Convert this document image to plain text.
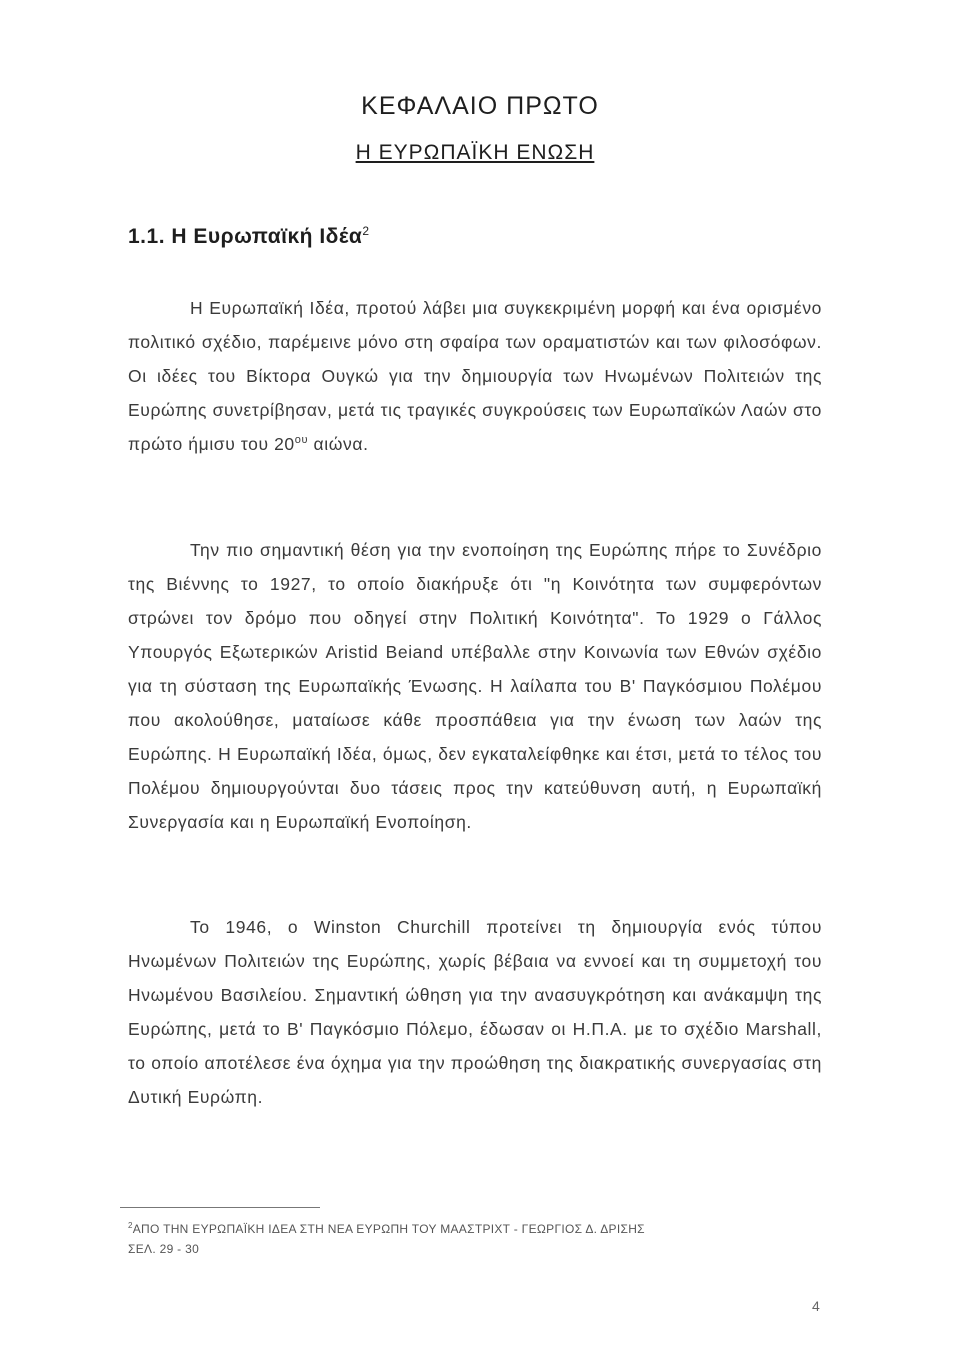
ΚΕΦΑΛΑΙΟ ΠΡΩΤΟ
Η ΕΥΡΩΠΑΪΚΗ ΕΝΩΣΗ
1.1. Η Ευρωπαϊκή Ιδέα$^2$

Η Ευρωπαϊκή Ιδέα, προτού λάβει μια συγκεκριμένη μορφή και ένα ορισμένο πολιτικό σχέδιο, παρέμεινε μόνο στη σφαίρα των οραματιστών και των φιλοσόφων. Οι ιδέες του Βίκτορα Ουγκώ για την δημιουργία των Ηνωμένων Πολιτειών της Ευρώπης συνετρίβησαν, μετά τις τραγικές συγκρούσεις των Ευρωπαϊκών Λαών στο πρώτο ήμισυ του $20^{o\upsilon}$ αιώνα.

Την πιο σημαντική θέση για την ενοποίηση της Ευρώπης πήρε το Συνέδριο της Βιέννης το 1927, το οποίο διακήρυξε ότι "η Κοινότητα των συμφερόντων στρώνει τον δρόμο που οδηγεί στην Πολιτική Κοινότητα". Το 1929 ο Γάλλος Υπουργός Εξωτερικών Aristid Beiand υπέβαλλε στην Κοινωνία των Εθνών σχέδιο για τη σύσταση της Ευρωπαϊκής Ένωσης. Η λαίλαπα του Β' Παγκόσμιου Πολέμου που ακολούθησε, ματαίωσε κάθε προσπάθεια για την ένωση των λαών της Ευρώπης. Η Ευρωπαϊκή Ιδέα, όμως, δεν εγκαταλείφθηκε και έτσι, μετά το τέλος του Πολέμου δημιουργούνται δυο τάσεις προς την κατεύθυνση αυτή, η Ευρωπαϊκή Συνεργασία και η Ευρωπαϊκή Ενοποίηση.

Το 1946, ο Winston Churchill προτείνει τη δημιουργία ενός τύπου Ηνωμένων Πολιτειών της Ευρώπης, χωρίς βέβαια να εννοεί και τη συμμετοχή του Ηνωμένου Βασιλείου. Σημαντική ώθηση για την ανασυγκρότηση και ανάκαμψη της Ευρώπης, μετά το Β' Παγκόσμιο Πόλεμο, έδωσαν οι Η.Π.Α. με το σχέδιο Marshall, το οποίο αποτέλεσε ένα όχημα για την προώθηση της διακρατικής συνεργασίας στη Δυτική Ευρώπη.

$^2$ΑΠΟ ΤΗΝ ΕΥΡΩΠΑΪΚΗ ΙΔΕΑ ΣΤΗ ΝΕΑ ΕΥΡΩΠΗ ΤΟΥ ΜΑΑΣΤΡΙΧΤ - ΓΕΩΡΓΙΟΣ Δ. ΔΡΙΣΗΣ
ΣΕΛ. 29 - 30
4
